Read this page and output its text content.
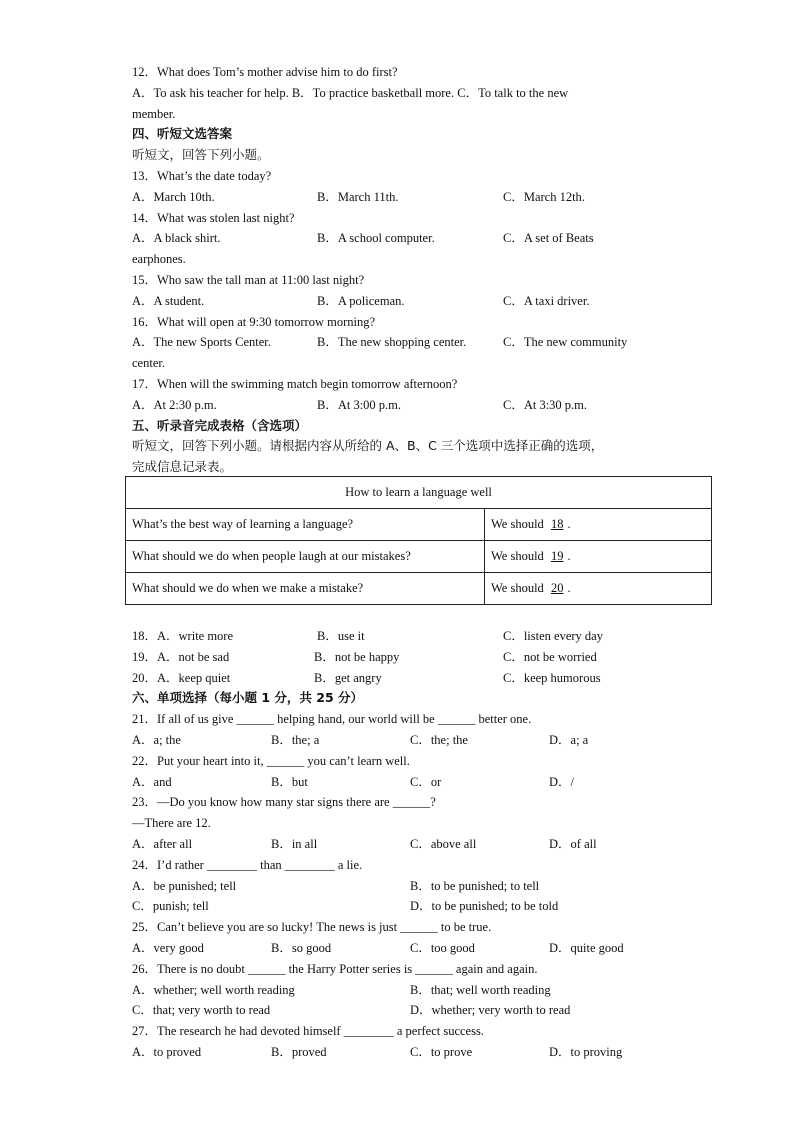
12．What does Tom’s mother advise him to do first?
A．To ask his teacher for help. B．To practice basketball more. C．To talk to the new
member.
四、听短文选答案
听短文，回答下列小题。
13．What’s the date today?
A．March 10th.	B．March 11th.	C．March 12th.
14．What was stolen last night?
A．A black shirt.	B．A school computer.	C．A set of Beats
earphones.
15．Who saw the tall man at 11:00 last night?
A．A student.	B．A policeman.	C．A taxi driver.
16．What will open at 9:30 tomorrow morning?
A．The new Sports Center.	B．The new shopping center.	C．The new community
center.
17．When will the swimming match begin tomorrow afternoon?
A．At 2:30 p.m.	B．At 3:00 p.m.	C．At 3:30 p.m.
五、听录音完成表格（含选项）
听短文，回答下列小题。请根据内容从所给的 A、B、C 三个选项中选择正确的选项，
完成信息记录表。
How to learn a language well	
What’s the best way of learning a language?	We should 18 .
What should we do when people laugh at our mistakes?	We should 19 .
What should we do when we make a mistake?	We should 20 .
18．A．write more	B．use it	C．listen every day
19．A．not be sad	B．not be happy	C．not be worried
20．A．keep quiet	B．get angry	C．keep humorous
六、单项选择（每小题 1 分，共 25 分）
21．If all of us give ______ helping hand, our world will be ______ better one.
A．a; the	B．the; a	C．the; the	D．a; a
22．Put your heart into it, ______ you can’t learn well.
A．and	B．but	C．or	D．/
23．—Do you know how many star signs there are ______?
—There are 12.
A．after all	B．in all	C．above all	D．of all
24．I’d rather ________ than ________ a lie.
A．be punished; tell	B．to be punished; to tell
C．punish; tell	D．to be punished; to be told
25．Can’t believe you are so lucky! The news is just ______ to be true.
A．very good	B．so good	C．too good	D．quite good
26．There is no doubt ______ the Harry Potter series is ______ again and again.
A．whether; well worth reading	B．that; well worth reading
C．that; very worth to read	D．whether; very worth to read
27．The research he had devoted himself ________ a perfect success.
A．to proved	B．proved	C．to prove	D．to proving
